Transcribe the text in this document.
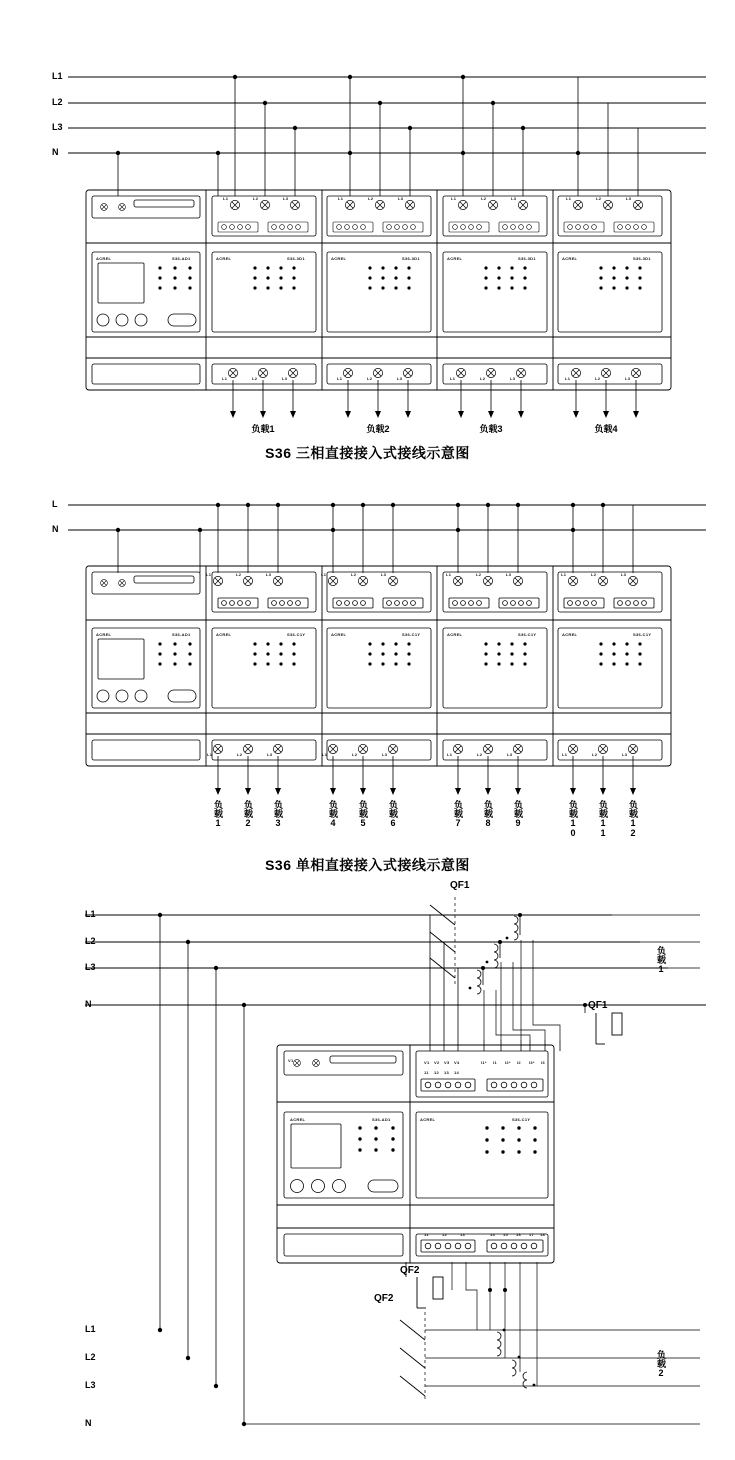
L1
L2
L3
N
L1	L2	L3	L1	L2	L3	L1	L2	L3	L1	L2	L3
L1	L2	L3	L1	L2	L3	L1	L2	L3	L1	L2	L3
ACREL	S36-AD1	ACREL	S36-3D1	ACREL	S36-3D1	ACREL	S36-3D1	ACREL	S36-3D1
负载1	负载2	负载3	负载4
S36 三相直接接入式接线示意图
L
N
L1	L2	L3	L1	L2	L3	L1	L2	L3	L1	L2	L3
L1	L2	L3	L1	L2	L3	L1	L2	L3	L1	L2	L3
ACREL	S36-AD1	ACREL	S36-C1Y	ACREL	S36-C1Y	ACREL	S36-C1Y	ACREL	S36-C1Y
负载1 负载2 负载3	负载4 负载5 负载6	负载7 负载8 负载9	负载10 负载11 负载12
S36 单相直接接入式接线示意图
L1
L2
L3
N
L1
L2
L3
N
QF1
QF1
QF2
QF2
负载1
负载2
ACREL	S36-AD1	ACREL	S36-C1Y
V1	V1 V2 V3 V4
11 12 13 14
I1* I1 I2* I2 I3* I3
11	12	13	14 15 16 17 18
